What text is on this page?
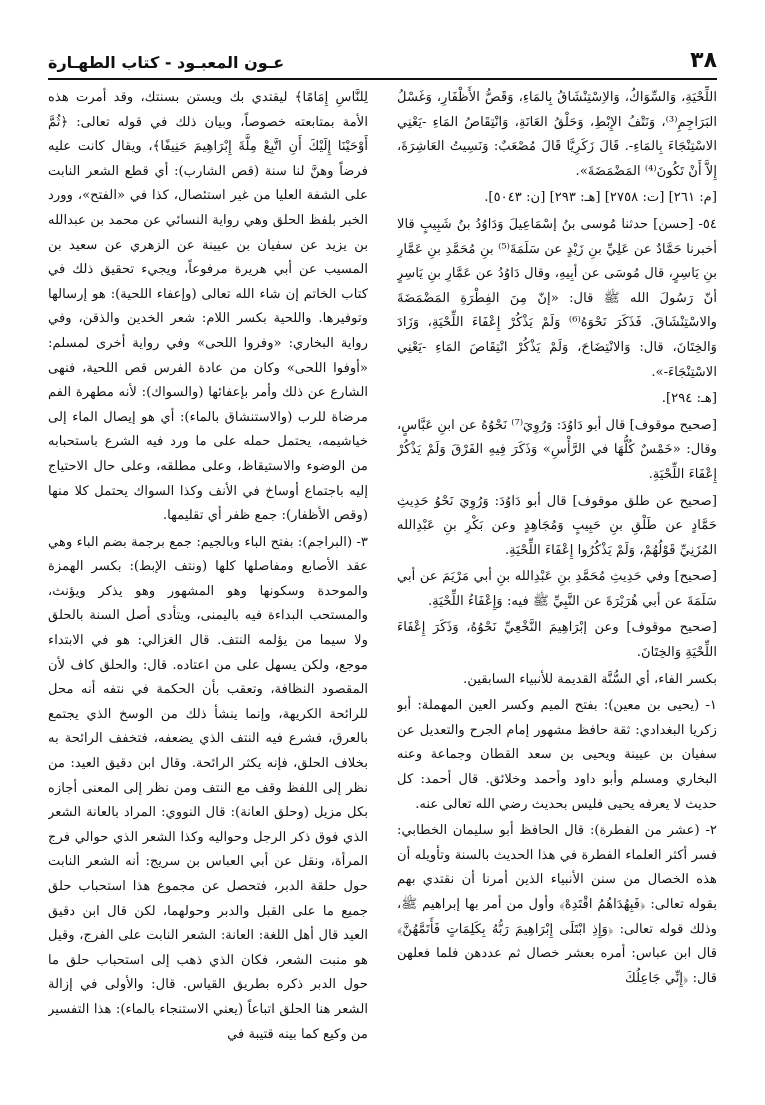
٣٨
عـون المعبـود - كتاب الطهـارة

اللِّحْيَةِ، وَالسِّوَاكُ، وَالاِسْتِنْشَاقُ بِالمَاءِ، وَقَصُّ الأَظْفَارِ، وَغَسْلُ البَرَاجِمِ⁽³⁾، وَنَتْفُ الإِبْطِ، وَحَلْقُ العَانَةِ، وَانْتِقَاصُ المَاءِ -يَعْنِي الاسْتِنْجَاءَ بِالمَاءِ-. قَالَ زَكَرِيَّا قَالَ مُصْعَبٌ: وَنَسِيتُ العَاشِرَةَ، إِلاَّ أَنْ تَكُونَ⁽⁴⁾ المَضْمَضَةَ».

[م: ٢٦١] [ت: ٢٧٥٨] [هـ: ٢٩٣] [ن: ٥٠٤٣].

٥٤- [حسن] حدثنا مُوسى بنُ إسْمَاعِيلَ وَدَاوُدُ بنُ شَبِيبٍ قالا أخبرنا حَمَّادٌ عن عَلِيِّ بنِ زَيْدٍ عن سَلَمَةَ⁽⁵⁾ بنِ مُحَمَّدِ بنِ عَمَّارِ بنِ يَاسِرٍ، قال مُوسَى عن أبِيهِ، وقال دَاوُدُ عن عَمَّارِ بنِ يَاسِرٍ أنّ رَسُولَ الله ﷺ قال: «إنّ مِنَ الفِطْرَةِ المَضْمَضَةَ والاسْتِنْشَاقَ. فَذَكَرَ نَحْوَهُ⁽⁶⁾ وَلَمْ يَذْكُرْ إِعْفَاءَ اللِّحْيَةِ، وَزَادَ وَالخِتَانَ، قال: وَالانْتِضَاحَ، وَلَمْ يَذْكُرْ انْتِقَاصَ المَاءِ -يَعْنِي الاسْتِنْجَاءَ-».

[هـ: ٢٩٤].

[صحيح موقوف] قال أبو دَاوُدَ: وَرُوِيَ⁽⁷⁾ نَحْوُهُ عن ابنِ عَبَّاسٍ، وقال: «خَمْسٌ كُلُّهَا في الرَّأْسِ» وَذَكَرَ فِيهِ الفَرْقَ وَلَمْ يَذْكُرْ إِعْفَاءَ اللِّحْيَةِ.

[صحيح عن طلق موقوف] قال أبو دَاوُدَ: وَرُوِيَ نَحْوُ حَدِيثِ حَمَّادٍ عن طَلْقِ بنِ حَبِيبٍ وَمُجَاهِدٍ وعن بَكْرِ بنِ عَبْدِالله المُزَنِيِّ قَوْلُهُمْ، وَلَمْ يَذْكُرُوا إِعْفَاءَ اللِّحْيَةِ.

[صحيح] وفي حَدِيثِ مُحَمَّدِ بنِ عَبْدِالله بنِ أبي مَرْيَمَ عن أبي سَلَمَةَ عن أبي هُرَيْرَةَ عن النَّبِيِّ ﷺ فيه: وَإِعْفَاءُ اللِّحْيَةِ.

[صحيح موقوف] وعن إبْرَاهِيمَ النَّخْعِيِّ نَحْوُهُ، وَذَكَرَ إِعْفَاءَ اللِّحْيَةِ وَالخِتَانَ.

بكسر الفاء، أي السُّنَّة القديمة للأنبياء السابقين.

١- (يحيى بن معين): بفتح الميم وكسر العين المهملة: أبو زكريا البغدادي: ثقة حافظ مشهور إمام الجرح والتعديل عن سفيان بن عيينة ويحيى بن سعد القطان وجماعة وعنه البخاري ومسلم وأبو داود وأحمد وخلائق. قال أحمد: كل حديث لا يعرفه يحيى فليس بحديث رضي الله تعالى عنه.

٢- (عشر من الفطرة): قال الحافظ أبو سليمان الخطابي: فسر أكثر العلماء الفطرة في هذا الحديث بالسنة وتأويله أن هذه الخصال من سنن الأنبياء الذين أمرنا أن نقتدي بهم بقوله تعالى: ﴿فَبِهُدَاهُمُ اقْتَدِهْ﴾ وأول من أمر بها إبراهيم ﷺ، وذلك قوله تعالى: ﴿وَإِذِ ابْتَلَى إِبْرَاهِيمَ رَبُّهُ بِكَلِمَاتٍ فَأَتَمَّهُنَّ﴾ قال ابن عباس: أمره بعشر خصال ثم عددهن فلما فعلهن قال: ﴿إِنِّي جَاعِلُكَ

لِلنَّاسِ إِمَامًا﴾ ليقتدي بك ويستن بسنتك، وقد أمرت هذه الأمة بمتابعته خصوصاً، وبيان ذلك في قوله تعالى: ﴿ثُمَّ أَوْحَيْنَا إِلَيْكَ أَنِ اتَّبِعْ مِلَّةَ إِبْرَاهِيمَ حَنِيفًا﴾، ويقال كانت عليه فرضاً وهنَّ لنا سنة (قص الشارب): أي قطع الشعر النابت على الشفة العليا من غير استئصال، كذا في «الفتح»، وورد الخبر بلفظ الحلق وهي رواية النسائي عن محمد بن عبدالله بن يزيد عن سفيان بن عيينة عن الزهري عن سعيد بن المسيب عن أبي هريرة مرفوعاً، ويجيء تحقيق ذلك في كتاب الخاتم إن شاء الله تعالى (وإعفاء اللحية): هو إرسالها وتوفيرها. واللحية بكسر اللام: شعر الخدين والذقن، وفي رواية البخاري: «وفروا اللحى» وفي رواية أخرى لمسلم: «أوفوا اللحى» وكان من عادة الفرس قص اللحية، فنهى الشارع عن ذلك وأمر بإعفائها (والسواك): لأنه مطهرة الفم مرضاة للرب (والاستنشاق بالماء): أي هو إيصال الماء إلى خياشيمه، يحتمل حمله على ما ورد فيه الشرع باستحبابه من الوضوء والاستيقاظ، وعلى مطلقه، وعلى حال الاحتياج إليه باجتماع أوساخ في الأنف وكذا السواك يحتمل كلا منها (وقص الأظفار): جمع ظفر أي تقليمها.

٣- (البراجم): بفتح الباء وبالجيم: جمع برجمة بضم الباء وهي عقد الأصابع ومفاصلها كلها (ونتف الإبط): بكسر الهمزة والموحدة وسكونها وهو المشهور وهو يذكر ويؤنث، والمستحب البداءة فيه باليمنى، ويتأدى أصل السنة بالحلق ولا سيما من يؤلمه النتف. قال الغزالي: هو في الابتداء موجع، ولكن يسهل على من اعتاده. قال: والحلق كاف لأن المقصود النظافة، وتعقب بأن الحكمة في نتفه أنه محل للرائحة الكريهة، وإنما ينشأ ذلك من الوسخ الذي يجتمع بالعرق، فشرع فيه النتف الذي يضعفه، فتخفف الرائحة به بخلاف الحلق، فإنه يكثر الرائحة. وقال ابن دقيق العيد: من نظر إلى اللفظ وقف مع النتف ومن نظر إلى المعنى أجازه بكل مزيل (وحلق العانة): قال النووي: المراد بالعانة الشعر الذي فوق ذكر الرجل وحواليه وكذا الشعر الذي حوالي فرج المرأة، ونقل عن أبي العباس بن سريج: أنه الشعر النابت حول حلقة الدبر، فتحصل عن مجموع هذا استحباب حلق جميع ما على القبل والدبر وحولهما، لكن قال ابن دقيق العيد قال أهل اللغة: العانة: الشعر النابت على الفرج، وقيل هو منبت الشعر، فكان الذي ذهب إلى استحباب حلق ما حول الدبر ذكره بطريق القياس. قال: والأولى في إزالة الشعر هنا الحلق اتباعاً (يعني الاستنجاء بالماء): هذا التفسير من وكيع كما بينه قتيبة في
